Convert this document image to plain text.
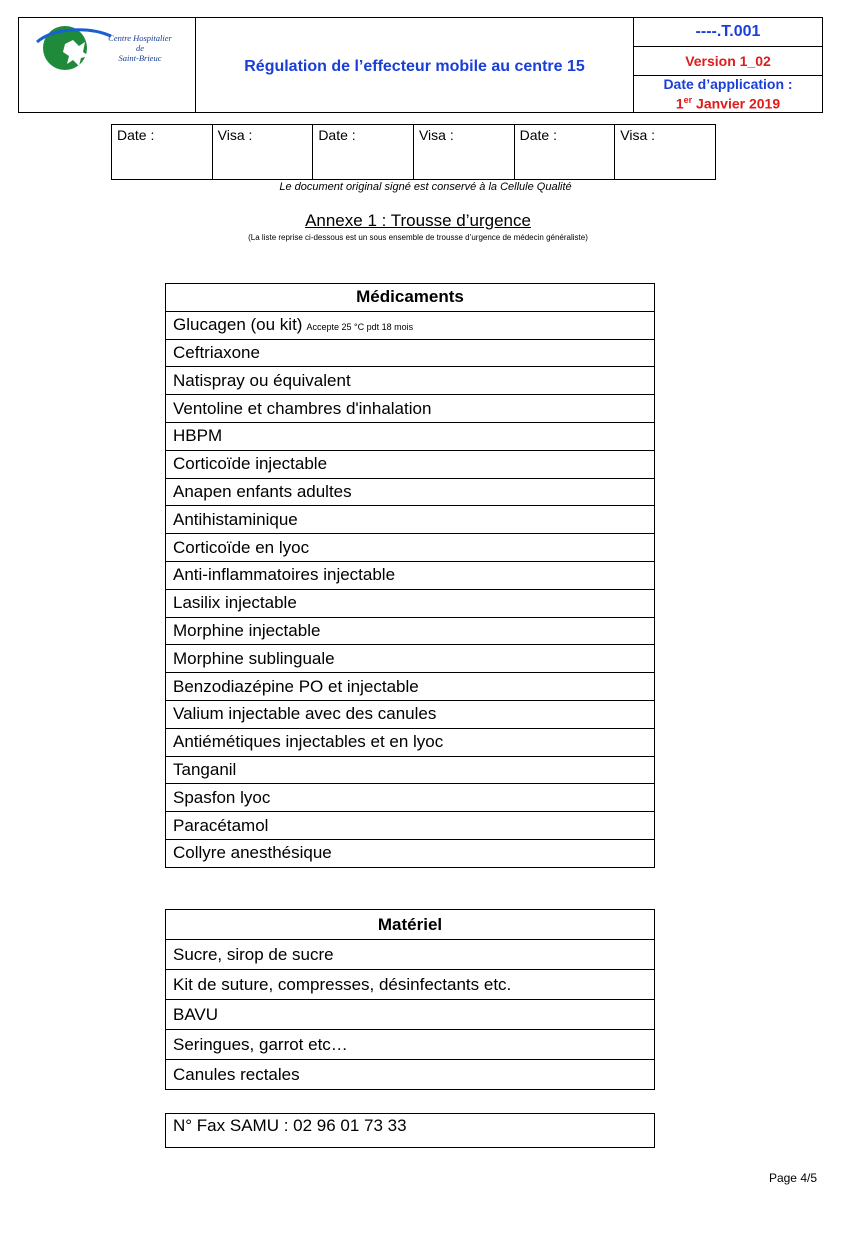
Centre Hospitalier
de
Saint-Brieuc	Régulation de l’effecteur mobile au centre 15
----.T.001
Version 1_02
Date d’application :
1er Janvier 2019
Date :	Visa :	Date :	Visa :	Date :	Visa :
Le document original signé est conservé à la Cellule Qualité
Annexe 1 : Trousse d’urgence
(La liste reprise ci-dessous est un sous ensemble de trousse d’urgence de médecin généraliste)
Médicaments
Glucagen (ou kit) Accepte 25 °C pdt 18 mois
Ceftriaxone
Natispray ou équivalent
Ventoline et chambres d'inhalation
HBPM
Corticoïde injectable
Anapen enfants adultes
Antihistaminique
Corticoïde en lyoc
Anti-inflammatoires injectable
Lasilix injectable
Morphine injectable
Morphine sublinguale
Benzodiazépine PO et injectable
Valium injectable avec des canules
Antiémétiques injectables et en lyoc
Tanganil
Spasfon lyoc
Paracétamol
Collyre anesthésique
Matériel
Sucre, sirop de sucre
Kit de suture, compresses, désinfectants etc.
BAVU
Seringues, garrot etc…
Canules rectales
N° Fax SAMU : 02 96 01 73 33
Page 4/5
